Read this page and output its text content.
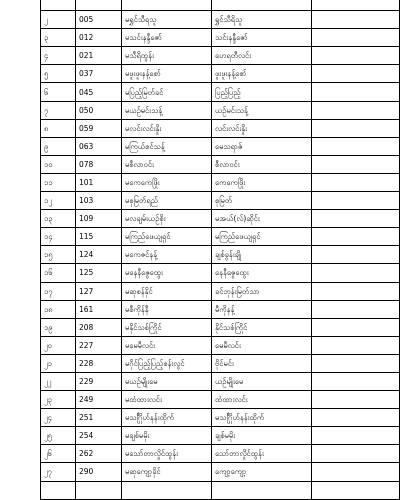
၂	005	မရွှင်သီရသူ	ရွှင်သီရိသူ	
၃	012	မသင်းနန္ဒီဇော်	သင်းနန္ဒီဇော်	
၄	021	မသီရိထွန်း	ဟေရတီလင်း	
၅	037	မဖူးဖူးနန့်စော်	ဖူးဖူးနန့်စော်	
၆	045	မပြည့်မြတ်ခင်	ပြည့်ပြည့်	
၇	050	မယဉ်မင်းသန့်	ယဉ်မင်းသန့်	
၈	059	မလင်းလင်းနှိုး	လင်းလင်းနှိုး	
၉	063	မကြယ်စင်သန့်	မေသရာဇ်	
၁၀	078	မစီလာဝင်း	စီလာဝင်း	
၁၁	101	မကေကေဖြိုး	ကေကေဖြိုး	
၁၂	103	မစုမြတ်ရည်	စုမြတ်	
၁၃	109	မလချမ်းယဉ်စိုး	မအယ်(လ်)ဆိုင်း	
၁၄	115	မကြည်ဖေယျရှင်	မကြည်ဖေယျရှင်	
၁၅	124	မကေဇင်နန့်	ချစ်ခွန်းချို	
၁၆	125	မနေနီဇွေထွေး	နေနီဇွေထွေး	
၁၇	127	မဆုစန်နိုင်	ခင်ဘုန်းမြတ်သာ	
၁၈	161	မစီကိုန်နီ	မီကိုနန့်	
၁၉	208	မနိုင်သစ်ကြိုင်	နိုင်သစ်ကြိုင်	
၂၀	227	မမေမီလင်း	မေမီလင်း	
၂၁	228	မဂိုင်ပြည့်ပြည့်စန်းလွင်	ဗိုင်မင်း	
၂၂	229	မယဉ်မျိုးမေ	ယဉ်မျိုးမေ	
၂၃	249	မထံထားလင်း	ထံထားလင်း	
၂၄	251	မသင်္ဂြိုဟ်နန်းထိုက်	မသင်္ဂြိုဟ်နန်းထိုက်	
၂၅	254	မချစ်မမိုး	ချစ်မမိုး	
၂၆	262	မသော်တာလှိုင်ထွန်း	သော်တာလှိုင်ထွန်း	
၂၇	290	မဆုကျော့ခိုင်	ကျော့ကျော့	
